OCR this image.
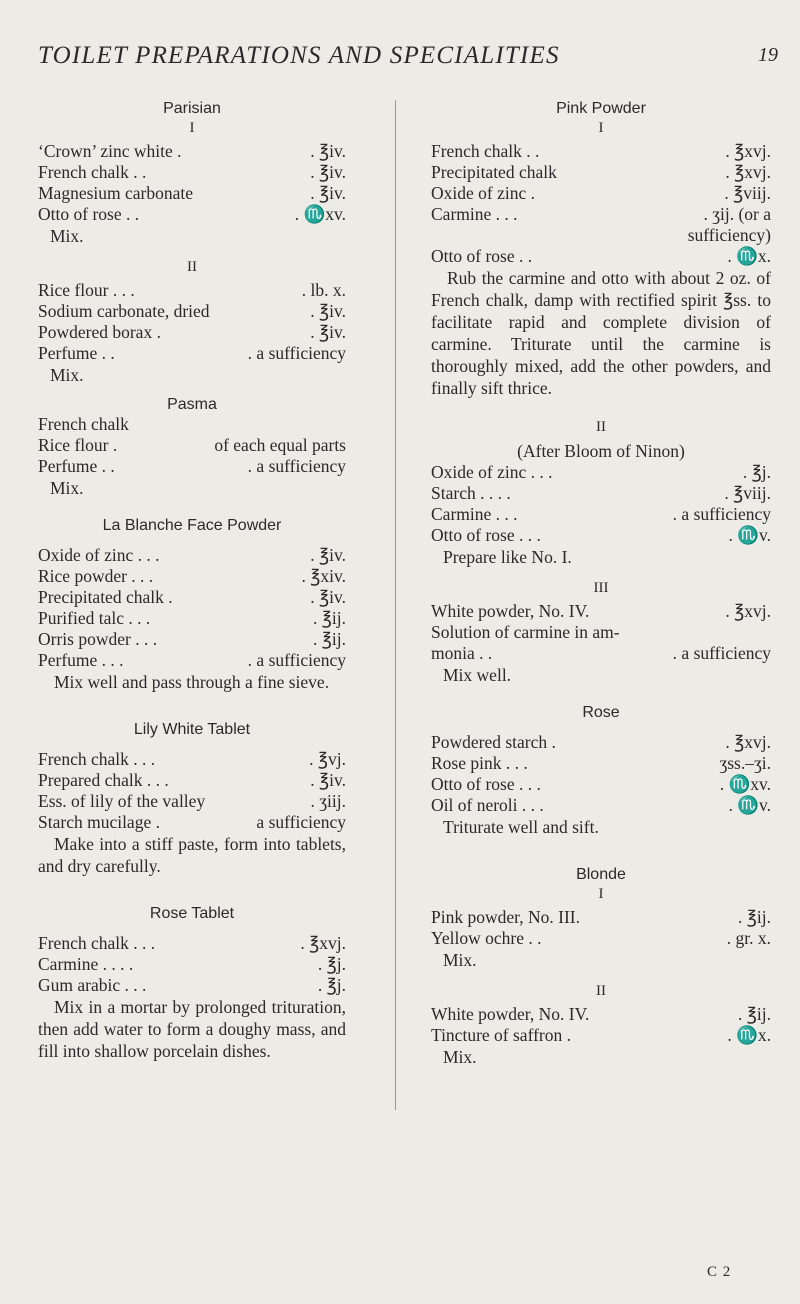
TOILET PREPARATIONS AND SPECIALITIES	19

Parisian

I
‘Crown’ zinc white .	. ℥iv.
French chalk . .	. ℥iv.
Magnesium carbonate	. ℥iv.
Otto of rose . .	. ♏xv.
Mix.
II
Rice flour . . .	. lb. x.
Sodium carbonate, dried	. ℥iv.
Powdered borax .	. ℥iv.
Perfume . .	. a sufficiency
Mix.

Pasma

French chalk
Rice flour .	of each equal parts
Perfume . .	. a sufficiency
Mix.

La Blanche Face Powder

Oxide of zinc . . .	. ℥iv.
Rice powder . . .	. ℥xiv.
Precipitated chalk .	. ℥iv.
Purified talc . . .	. ℥ij.
Orris powder . . .	. ℥ij.
Perfume . . .	. a sufficiency

Mix well and pass through a fine sieve.

Lily White Tablet

French chalk . . .	. ℥vj.
Prepared chalk . . .	. ℥iv.
Ess. of lily of the valley	. ʒiij.
Starch mucilage .	a sufficiency

Make into a stiff paste, form into tablets, and dry carefully.

Rose Tablet

French chalk . . .	. ℥xvj.
Carmine . . . .	. ℥j.
Gum arabic . . .	. ℥j.

Mix in a mortar by prolonged trituration, then add water to form a doughy mass, and fill into shallow porcelain dishes.

Pink Powder

I
French chalk . .	. ℥xvj.
Precipitated chalk	. ℥xvj.
Oxide of zinc .	. ℥viij.
Carmine . . .	. ʒij. (or a
sufficiency)
Otto of rose . .	. ♏x.

Rub the carmine and otto with about 2 oz. of French chalk, damp with rectified spirit ℥ss. to facilitate rapid and complete division of carmine. Triturate until the carmine is thoroughly mixed, add the other powders, and finally sift thrice.

II
(After Bloom of Ninon)
Oxide of zinc . . .	. ℥j.
Starch . . . .	. ℥viij.
Carmine . . .	. a sufficiency
Otto of rose . . .	. ♏v.
Prepare like No. I.
III
White powder, No. IV.	. ℥xvj.
Solution of carmine in am-
monia . .	. a sufficiency
Mix well.

Rose

Powdered starch .	. ℥xvj.
Rose pink . . .	ʒss.–ʒi.
Otto of rose . . .	. ♏xv.
Oil of neroli . . .	. ♏v.
Triturate well and sift.

Blonde

I
Pink powder, No. III.	. ℥ij.
Yellow ochre . .	. gr. x.
Mix.
II
White powder, No. IV.	. ℥ij.
Tincture of saffron .	. ♏x.
Mix.
C 2
